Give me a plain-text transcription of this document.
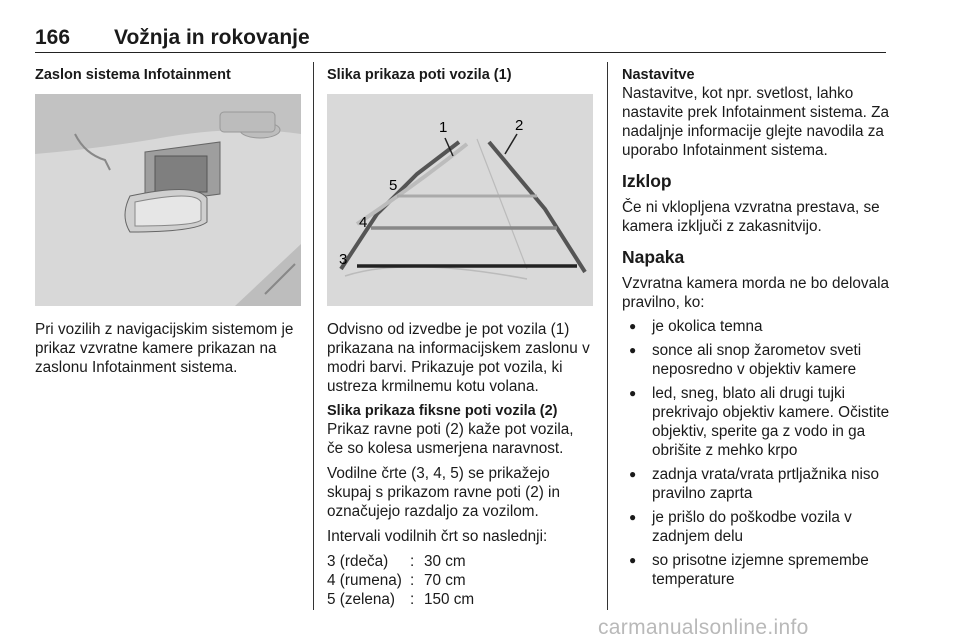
166 Vožnja in rokovanje

Zaslon sistema Infotainment

Pri vozilih z navigacijskim sistemom je prikaz vzvratne kamere prikazan na zaslonu Infotainment sistema.

Slika prikaza poti vozila (1)

1	2
3
4
5

Odvisno od izvedbe je pot vozila (1) prikazana na informacijskem zaslonu v modri barvi. Prikazuje pot vozila, ki ustreza krmilnemu kotu volana.

Slika prikaza fiksne poti vozila (2)

Prikaz ravne poti (2) kaže pot vozila, če so kolesa usmerjena naravnost.

Vodilne črte (3, 4, 5) se prikažejo skupaj s prikazom ravne poti (2) in označujejo razdaljo za vozilom.

Intervali vodilnih črt so naslednji:

3 (rdeča)	: 30 cm
4 (rumena) : 70 cm
5 (zelena) : 150 cm

Nastavitve

Nastavitve, kot npr. svetlost, lahko nastavite prek Infotainment sistema. Za nadaljnje informacije glejte navodila za uporabo Infotainment sistema.

Izklop

Če ni vklopljena vzvratna prestava, se kamera izključi z zakasnitvijo.

Napaka

Vzvratna kamera morda ne bo delovala pravilno, ko:

● je okolica temna
● sonce ali snop žarometov sveti neposredno v objektiv kamere
● led, sneg, blato ali drugi tujki prekrivajo objektiv kamere. Očistite objektiv, sperite ga z vodo in ga obrišite z mehko krpo
● zadnja vrata/vrata prtljažnika niso pravilno zaprta
● je prišlo do poškodbe vozila v zadnjem delu
● so prisotne izjemne spremembe temperature
carmanualsonline.info
